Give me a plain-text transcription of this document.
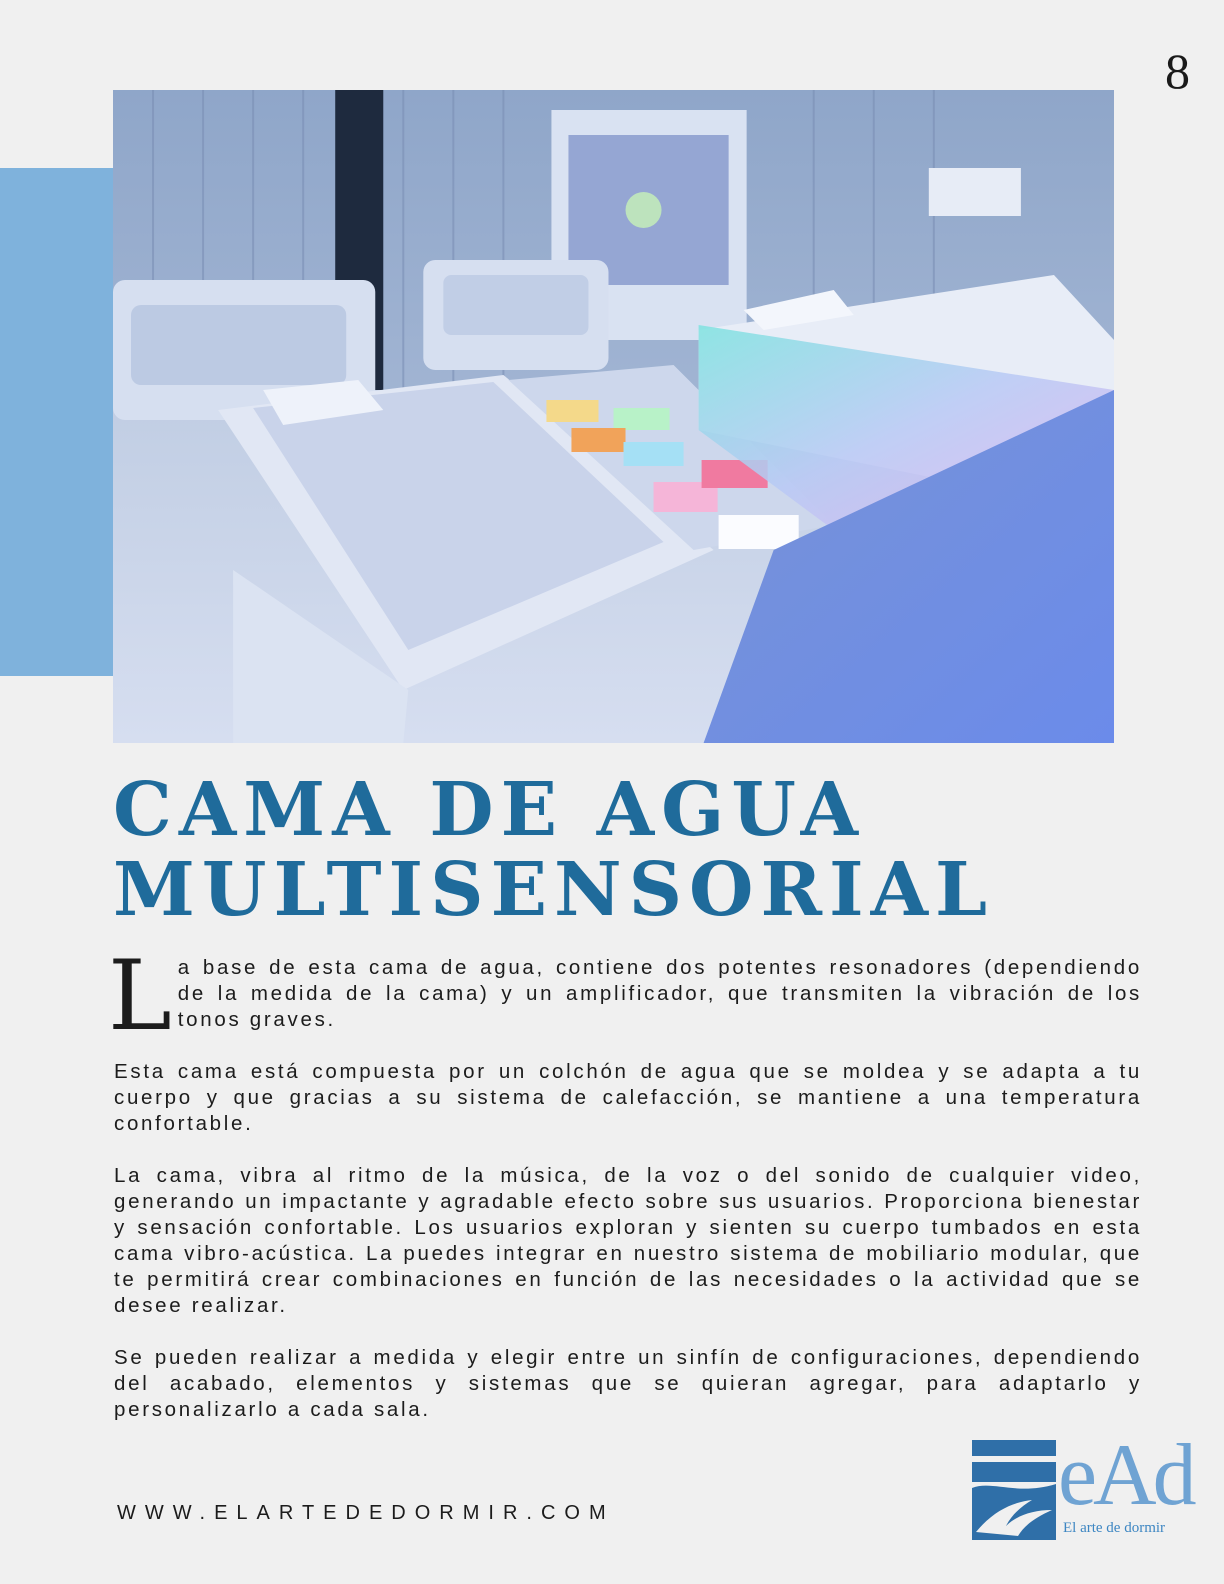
8
CAMA DE AGUA
MULTISENSORIAL

La base de esta cama de agua, contiene dos potentes resonadores (dependiendo de la medida de la cama) y un amplificador, que transmiten la vibración de los tonos graves.

Esta cama está compuesta por un colchón de agua que se moldea y se adapta a tu cuerpo y que gracias a su sistema de calefacción, se mantiene a una temperatura confortable.

La cama, vibra al ritmo de la música, de la voz o del sonido de cualquier video, generando un impactante y agradable efecto sobre sus usuarios. Proporciona bienestar y sensación confortable. Los usuarios exploran y sienten su cuerpo tumbados en esta cama vibro-acústica. La puedes integrar en nuestro sistema de mobiliario modular, que te permitirá crear combinaciones en función de las necesidades o la actividad que se desee realizar.

Se pueden realizar a medida y elegir entre un sinfín de configuraciones, dependiendo del acabado, elementos y sistemas que se quieran agregar, para adaptarlo y personalizarlo a cada sala.

WWW.ELARTEDEDORMIR.COM	eAd
El arte de dormir
